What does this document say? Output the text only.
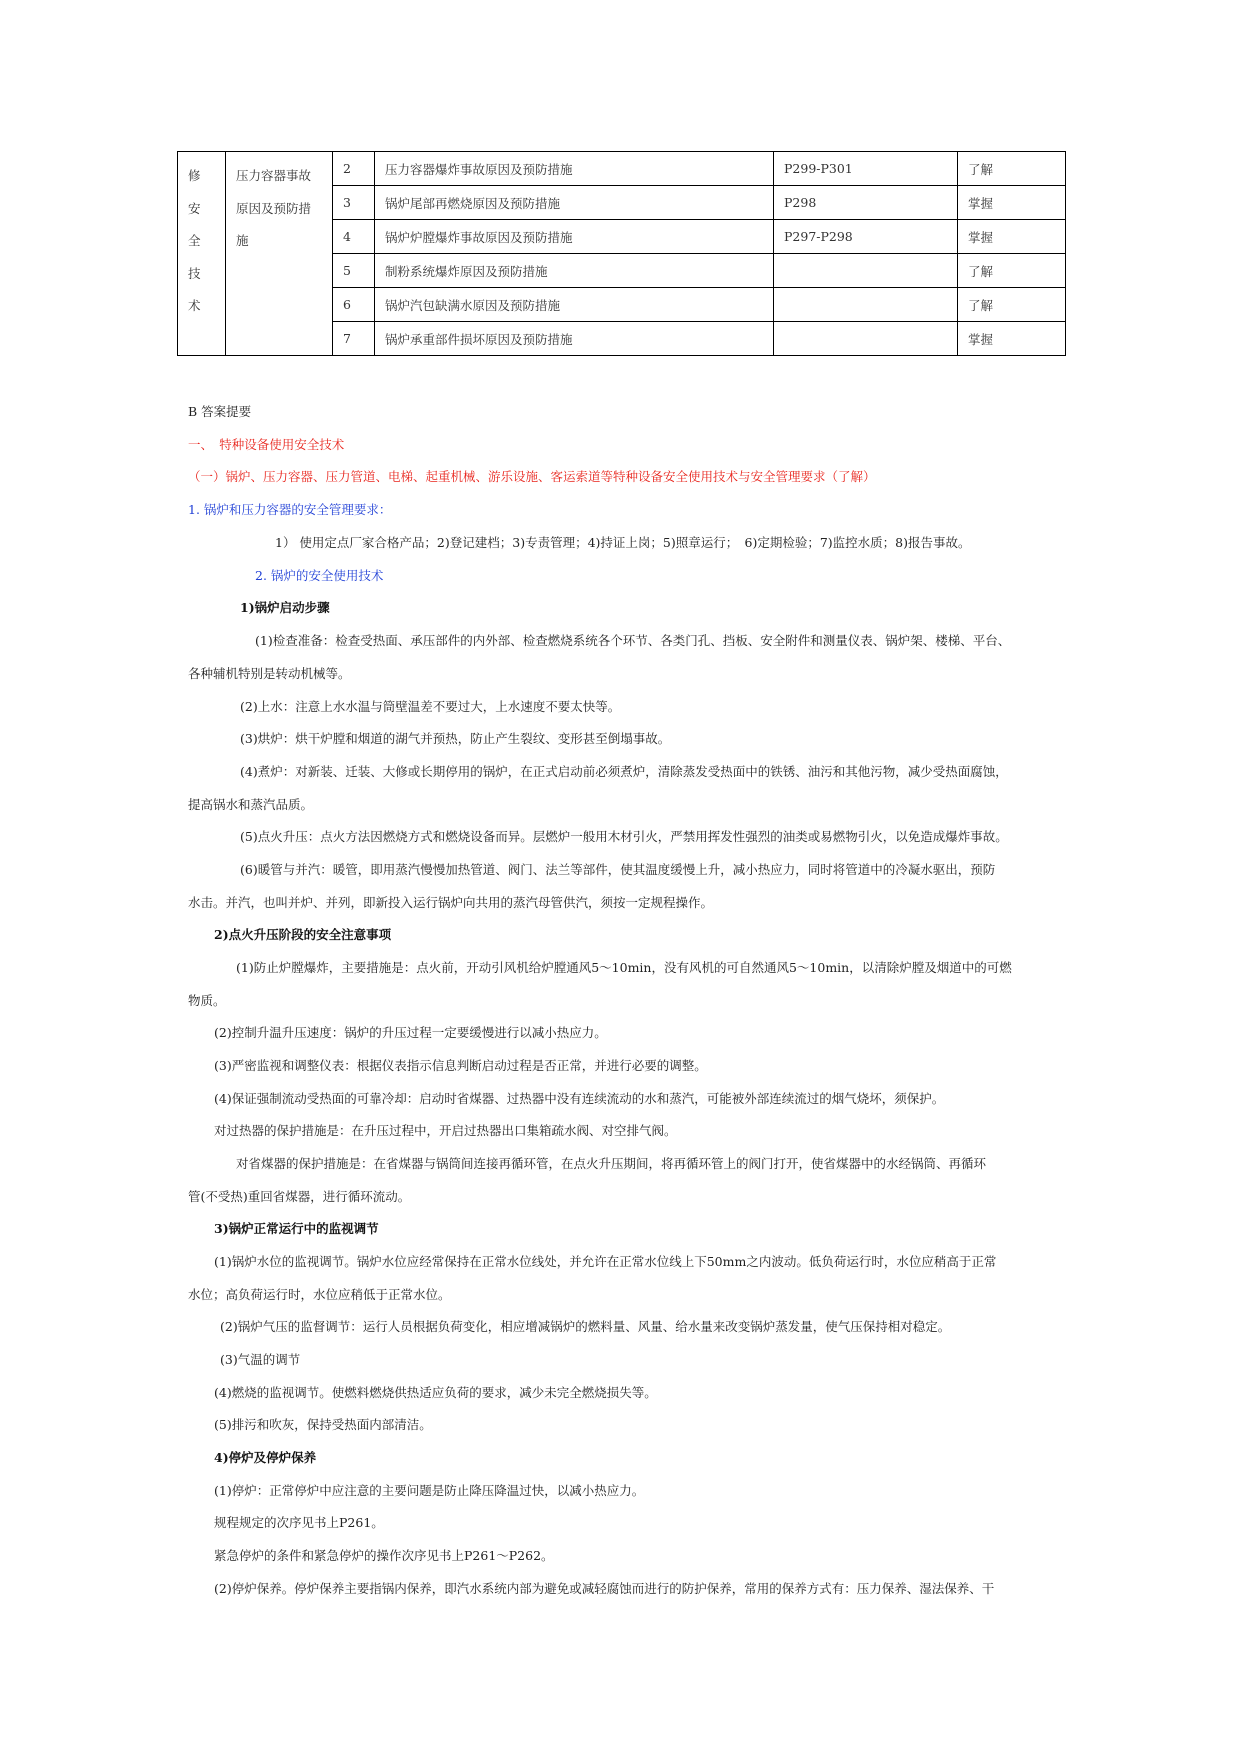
修
安
全
技
术	压力容器事故
原因及预防措
施	2	压力容器爆炸事故原因及预防措施	P299-P301	了解
		3	锅炉尾部再燃烧原因及预防措施	P298	掌握
		4	锅炉炉膛爆炸事故原因及预防措施	P297-P298	掌握
		5	制粉系统爆炸原因及预防措施		了解
		6	锅炉汽包缺满水原因及预防措施		了解
		7	锅炉承重部件损坏原因及预防措施		掌握
B 答案提要
一、　特种设备使用安全技术
（一）锅炉、压力容器、压力管道、电梯、起重机械、游乐设施、客运索道等特种设备安全使用技术与安全管理要求（了解）
1. 锅炉和压力容器的安全管理要求：
1） 使用定点厂家合格产品；2)登记建档；3)专责管理；4)持证上岗；5)照章运行；　6)定期检验；7)监控水质；8)报告事故。
2. 锅炉的安全使用技术
1)锅炉启动步骤
(1)检查准备：检查受热面、承压部件的内外部、检查燃烧系统各个环节、各类门孔、挡板、安全附件和测量仪表、锅炉架、楼梯、平台、
各种辅机特别是转动机械等。
(2)上水：注意上水水温与筒壁温差不要过大，上水速度不要太快等。
(3)烘炉：烘干炉膛和烟道的湖气并预热，防止产生裂纹、变形甚至倒塌事故。
(4)煮炉：对新装、迁装、大修或长期停用的锅炉，在正式启动前必须煮炉，清除蒸发受热面中的铁锈、油污和其他污物，减少受热面腐蚀，
提高锅水和蒸汽品质。
(5)点火升压：点火方法因燃烧方式和燃烧设备而异。层燃炉一般用木材引火，严禁用挥发性强烈的油类或易燃物引火，以免造成爆炸事故。
(6)暖管与并汽：暖管，即用蒸汽慢慢加热管道、阀门、法兰等部件，使其温度缓慢上升，减小热应力，同时将管道中的冷凝水驱出，预防
水击。并汽，也叫并炉、并列，即新投入运行锅炉向共用的蒸汽母管供汽，须按一定规程操作。
2)点火升压阶段的安全注意事项
(1)防止炉膛爆炸，主要措施是：点火前，开动引风机给炉膛通风5～10min，没有风机的可自然通风5～10min，以清除炉膛及烟道中的可燃
物质。
(2)控制升温升压速度：锅炉的升压过程一定要缓慢进行以减小热应力。
(3)严密监视和调整仪表：根据仪表指示信息判断启动过程是否正常，并进行必要的调整。
(4)保证强制流动受热面的可靠冷却：启动时省煤器、过热器中没有连续流动的水和蒸汽，可能被外部连续流过的烟气烧坏，须保护。
对过热器的保护措施是：在升压过程中，开启过热器出口集箱疏水阀、对空排气阀。
对省煤器的保护措施是：在省煤器与锅筒间连接再循环管，在点火升压期间，将再循环管上的阀门打开，使省煤器中的水经锅筒、再循环
管(不受热)重回省煤器，进行循环流动。
3)锅炉正常运行中的监视调节
(1)锅炉水位的监视调节。锅炉水位应经常保持在正常水位线处，并允许在正常水位线上下50mm之内波动。低负荷运行时，水位应稍高于正常
水位；高负荷运行时，水位应稍低于正常水位。
(2)锅炉气压的监督调节：运行人员根据负荷变化，相应增减锅炉的燃料量、风量、给水量来改变锅炉蒸发量，使气压保持相对稳定。
(3)气温的调节
(4)燃烧的监视调节。使燃料燃烧供热适应负荷的要求，减少未完全燃烧损失等。
(5)排污和吹灰，保持受热面内部清洁。
4)停炉及停炉保养
(1)停炉：正常停炉中应注意的主要问题是防止降压降温过快，以减小热应力。
规程规定的次序见书上P261。
紧急停炉的条件和紧急停炉的操作次序见书上P261～P262。
(2)停炉保养。停炉保养主要指锅内保养，即汽水系统内部为避免或减轻腐蚀而进行的防护保养，常用的保养方式有：压力保养、湿法保养、干
